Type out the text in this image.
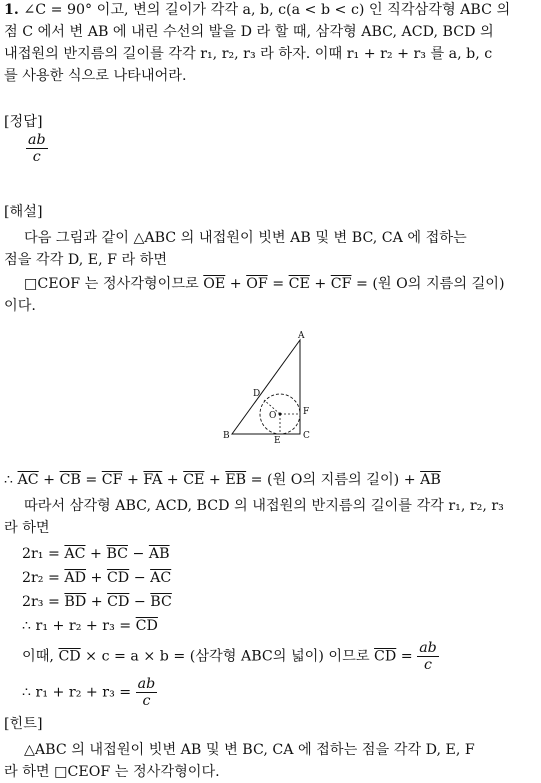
1. ∠C = 90° 이고, 변의 길이가 각각 a, b, c(a < b < c) 인 직각삼각형 ABC 의
점 C 에서 변 AB 에 내린 수선의 발을 D 라 할 때, 삼각형 ABC, ACD, BCD 의
내접원의 반지름의 길이를 각각 r₁, r₂, r₃ 라 하자. 이때 r₁ + r₂ + r₃ 를 a, b, c
를 사용한 식으로 나타내어라.
[정답]
$\frac{ab}{c}$
[해설]
다음 그림과 같이 △ABC 의 내접원이 빗변 AB 및 변 BC, CA 에 접하는
점을 각각 D, E, F 라 하면
□CEOF 는 정사각형이므로 $\overline{OE} + \overline{OF} = \overline{CE} + \overline{CF}$ = (원 O의 지름의 길이)
이다.
A
B	C
D
E
F
O
∴ $\overline{AC} + \overline{CB} = \overline{CF} + \overline{FA} + \overline{CE} + \overline{EB}$ = (원 O의 지름의 길이) + $\overline{AB}$
따라서 삼각형 ABC, ACD, BCD 의 내접원의 반지름의 길이를 각각 r₁, r₂, r₃
라 하면
$2r_1 = \overline{AC} + \overline{BC} - \overline{AB}$
$2r_2 = \overline{AD} + \overline{CD} - \overline{AC}$
$2r_3 = \overline{BD} + \overline{CD} - \overline{BC}$
∴ $r_1 + r_2 + r_3 = \overline{CD}$
이때, $\overline{CD} \times c = a \times b$ = (삼각형 ABC의 넓이) 이므로 $\overline{CD} = \frac{ab}{c}$
∴ $r_1 + r_2 + r_3 = \frac{ab}{c}$
[힌트]
△ABC 의 내접원이 빗변 AB 및 변 BC, CA 에 접하는 점을 각각 D, E, F
라 하면 □CEOF 는 정사각형이다.
